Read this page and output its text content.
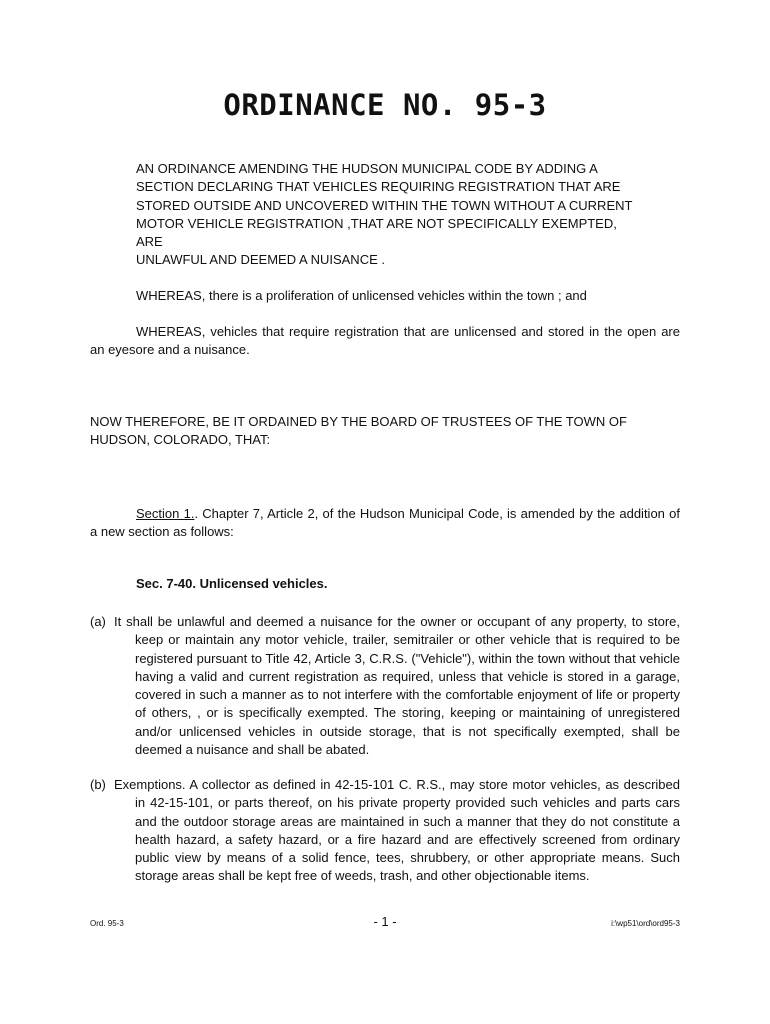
ORDINANCE NO. 95-3
AN ORDINANCE AMENDING THE HUDSON MUNICIPAL CODE BY ADDING A
SECTION DECLARING THAT VEHICLES REQUIRING REGISTRATION THAT ARE
STORED OUTSIDE AND UNCOVERED WITHIN THE TOWN WITHOUT A CURRENT
MOTOR VEHICLE REGISTRATION ,THAT ARE NOT SPECIFICALLY EXEMPTED, ARE
UNLAWFUL AND DEEMED A NUISANCE .

WHEREAS, there is a proliferation of unlicensed vehicles within the town ; and

WHEREAS, vehicles that require registration that are unlicensed and stored in the open are an eyesore and a nuisance.

NOW THEREFORE, BE IT ORDAINED BY THE BOARD OF TRUSTEES OF THE TOWN OF HUDSON, COLORADO, THAT:

Section 1.. Chapter 7, Article 2, of the Hudson Municipal Code, is amended by the addition of a new section as follows:

Sec. 7-40. Unlicensed vehicles.
(a) It shall be unlawful and deemed a nuisance for the owner or occupant of any property, to store, keep or maintain any motor vehicle, trailer, semitrailer or other vehicle that is required to be registered pursuant to Title 42, Article 3, C.R.S. ("Vehicle"), within the town without that vehicle having a valid and current registration as required, unless that vehicle is stored in a garage, covered in such a manner as to not interfere with the comfortable enjoyment of life or property of others, , or is specifically exempted. The storing, keeping or maintaining of unregistered and/or unlicensed vehicles in outside storage, that is not specifically exempted, shall be deemed a nuisance and shall be abated.
(b) Exemptions. A collector as defined in 42-15-101 C. R.S., may store motor vehicles, as described in 42-15-101, or parts thereof, on his private property provided such vehicles and parts cars and the outdoor storage areas are maintained in such a manner that they do not constitute a health hazard, a safety hazard, or a fire hazard and are effectively screened from ordinary public view by means of a solid fence, tees, shrubbery, or other appropriate means. Such storage areas shall be kept free of weeds, trash, and other objectionable items.
Ord. 95-3	- 1 -	i:\wp51\ord\ord95-3
